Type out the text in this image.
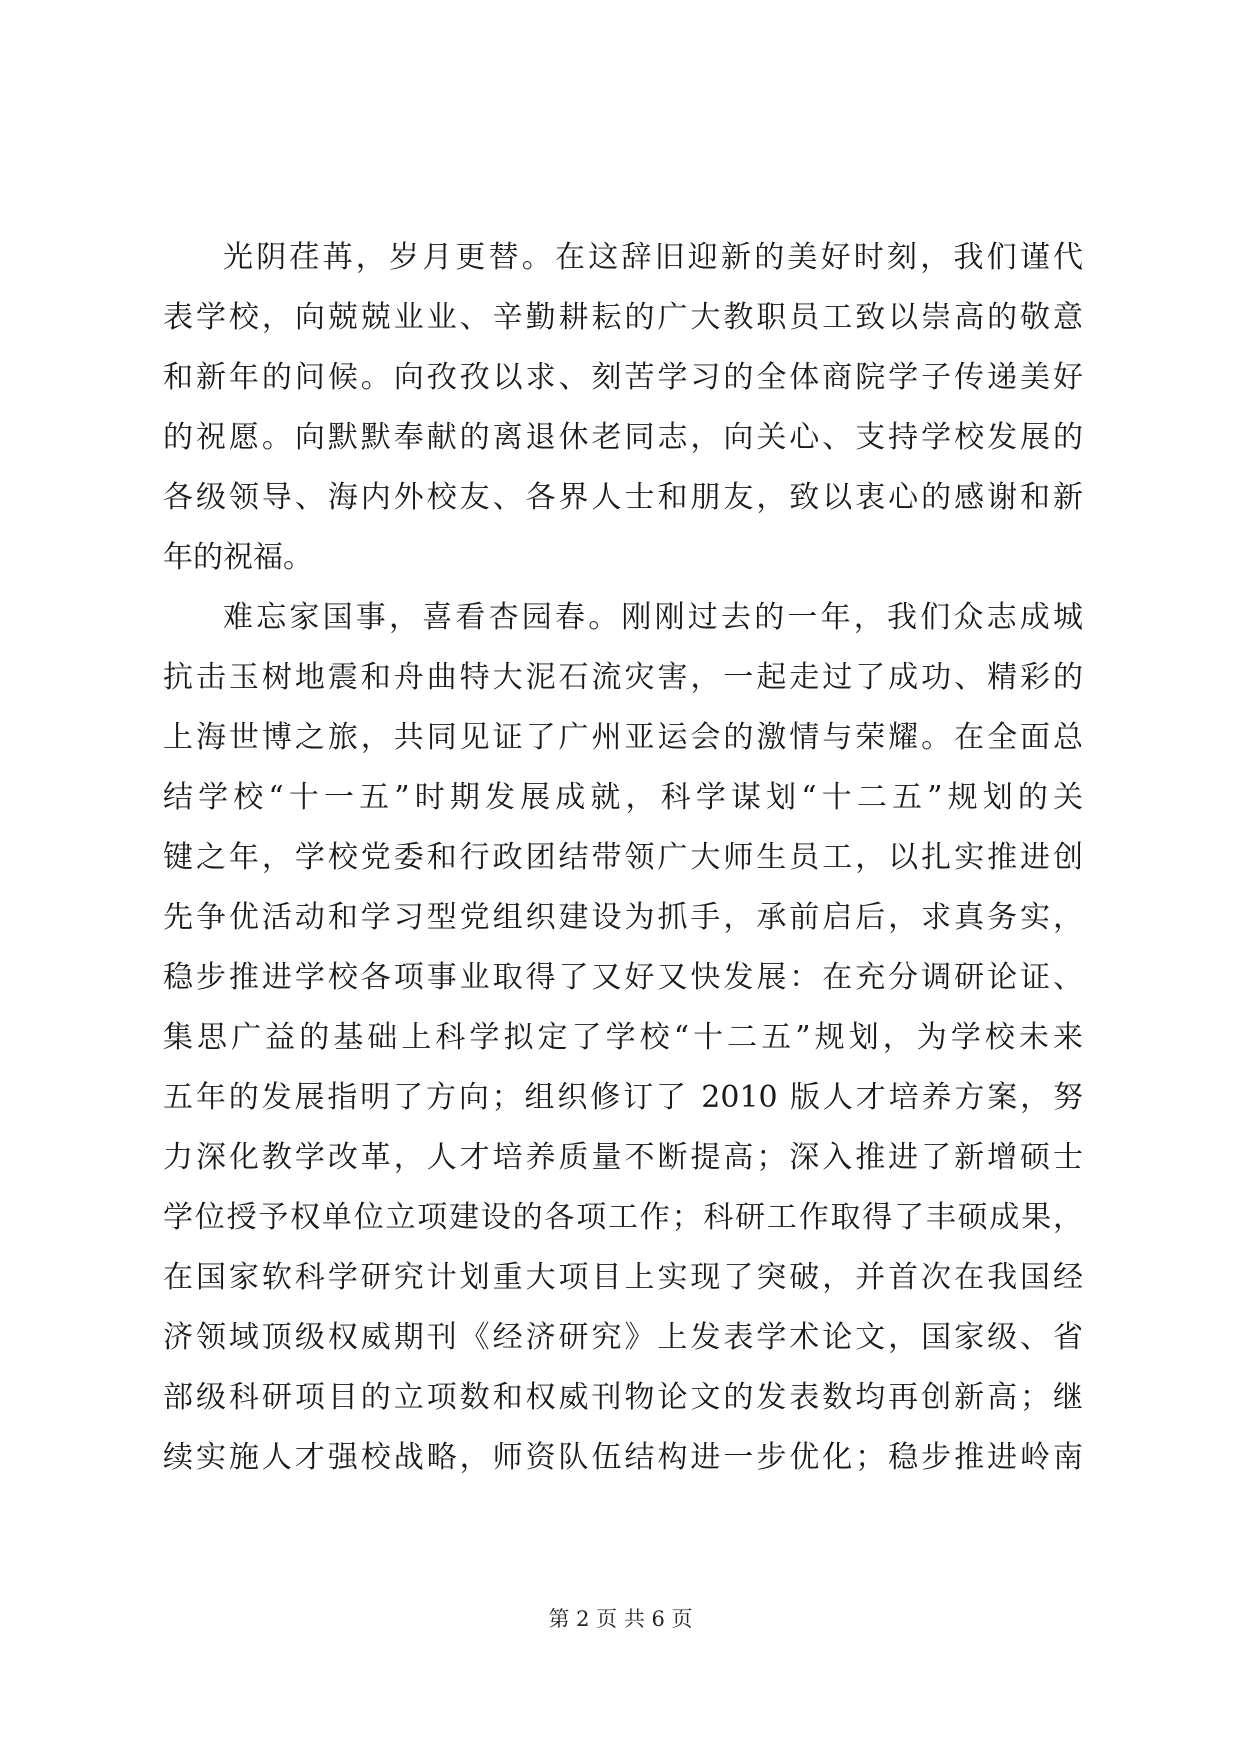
光阴荏苒，岁月更替。在这辞旧迎新的美好时刻，我们谨代
表学校，向兢兢业业、辛勤耕耘的广大教职员工致以崇高的敬意
和新年的问候。向孜孜以求、刻苦学习的全体商院学子传递美好
的祝愿。向默默奉献的离退休老同志，向关心、支持学校发展的
各级领导、海内外校友、各界人士和朋友，致以衷心的感谢和新
年的祝福。
难忘家国事，喜看杏园春。刚刚过去的一年，我们众志成城
抗击玉树地震和舟曲特大泥石流灾害，一起走过了成功、精彩的
上海世博之旅，共同见证了广州亚运会的激情与荣耀。在全面总
结学校“十一五”时期发展成就，科学谋划“十二五”规划的关
键之年，学校党委和行政团结带领广大师生员工，以扎实推进创
先争优活动和学习型党组织建设为抓手，承前启后，求真务实，
稳步推进学校各项事业取得了又好又快发展：在充分调研论证、
集思广益的基础上科学拟定了学校“十二五”规划，为学校未来
五年的发展指明了方向；组织修订了 2010 版人才培养方案，努
力深化教学改革，人才培养质量不断提高；深入推进了新增硕士
学位授予权单位立项建设的各项工作；科研工作取得了丰硕成果，
在国家软科学研究计划重大项目上实现了突破，并首次在我国经
济领域顶级权威期刊《经济研究》上发表学术论文，国家级、省
部级科研项目的立项数和权威刊物论文的发表数均再创新高；继
续实施人才强校战略，师资队伍结构进一步优化；稳步推进岭南
第 2 页 共 6 页
